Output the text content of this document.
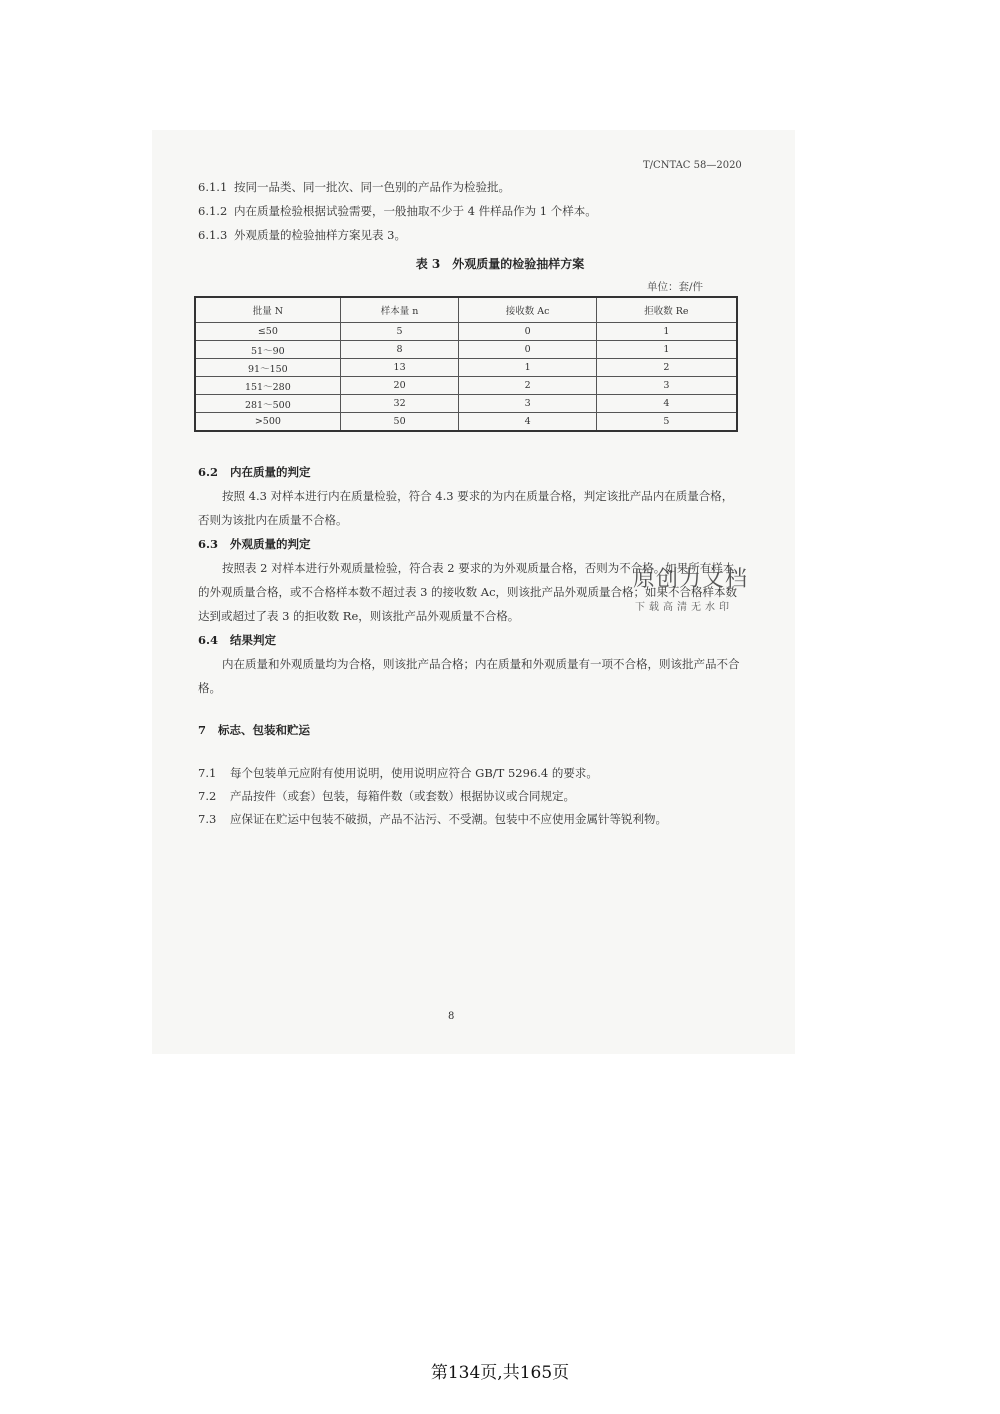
T/CNTAC 58—2020
6.1.1 按同一品类、同一批次、同一色别的产品作为检验批。
6.1.2 内在质量检验根据试验需要，一般抽取不少于 4 件样品作为 1 个样本。
6.1.3 外观质量的检验抽样方案见表 3。
表 3　外观质量的检验抽样方案
单位：套/件
批量 N	样本量 n	接收数 Ac	拒收数 Re
≤50	5	0	1
51～90	8	0	1
91～150	13	1	2
151～280	20	2	3
281～500	32	3	4
>500	50	4	5
6.2 内在质量的判定
按照 4.3 对样本进行内在质量检验，符合 4.3 要求的为内在质量合格，判定该批产品内在质量合格，否则为该批内在质量不合格。
6.3 外观质量的判定
按照表 2 对样本进行外观质量检验，符合表 2 要求的为外观质量合格，否则为不合格。如果所有样本的外观质量合格，或不合格样本数不超过表 3 的接收数 Ac，则该批产品外观质量合格；如果不合格样本数达到或超过了表 3 的拒收数 Re，则该批产品外观质量不合格。
6.4 结果判定
内在质量和外观质量均为合格，则该批产品合格；内在质量和外观质量有一项不合格，则该批产品不合格。
7 标志、包装和贮运
7.1 每个包装单元应附有使用说明，使用说明应符合 GB/T 5296.4 的要求。
7.2 产品按件（或套）包装，每箱件数（或套数）根据协议或合同规定。
7.3 应保证在贮运中包装不破损，产品不沾污、不受潮。包装中不应使用金属针等锐利物。
原创力文档
下载高清无水印
8
第134页,共165页
